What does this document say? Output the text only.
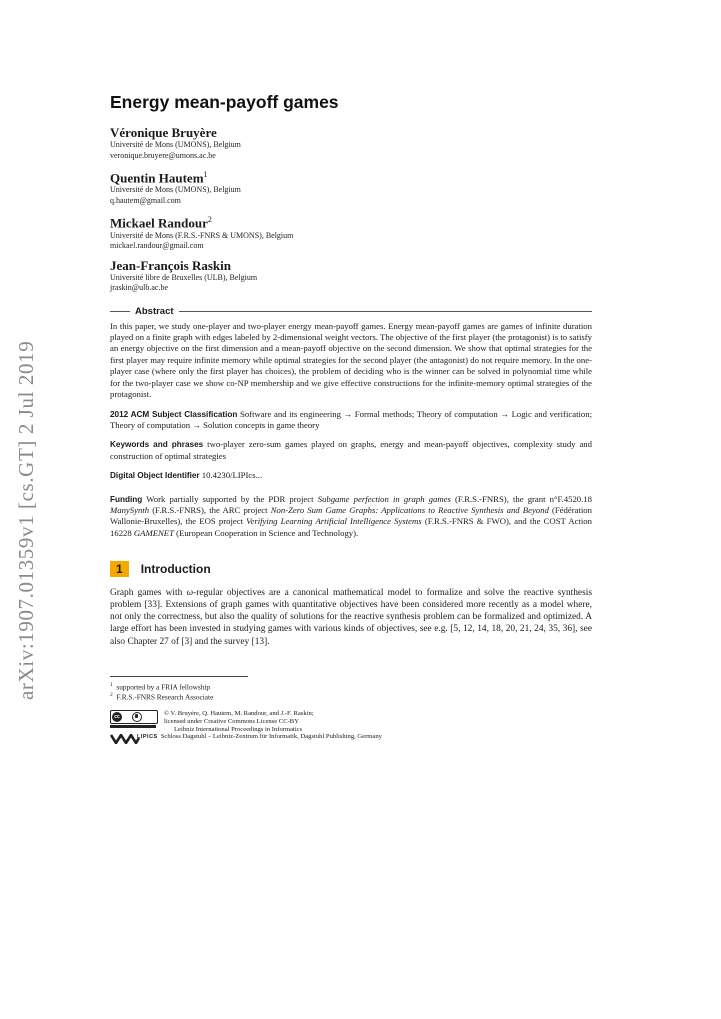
arXiv:1907.01359v1 [cs.GT] 2 Jul 2019
Energy mean-payoff games
Véronique Bruyère
Université de Mons (UMONS), Belgium
veronique.bruyere@umons.ac.be
Quentin Hautem$^1$
Université de Mons (UMONS), Belgium
q.hautem@gmail.com
Mickael Randour$^2$
Université de Mons (F.R.S.-FNRS & UMONS), Belgium
mickael.randour@gmail.com
Jean-François Raskin
Université libre de Bruxelles (ULB), Belgium
jraskin@ulb.ac.be
Abstract

In this paper, we study one-player and two-player energy mean-payoff games. Energy mean-payoff games are games of infinite duration played on a finite graph with edges labeled by 2-dimensional weight vectors. The objective of the first player (the protagonist) is to satisfy an energy objective on the first dimension and a mean-payoff objective on the second dimension. We show that optimal strategies for the first player may require infinite memory while optimal strategies for the second player (the antagonist) do not require memory. In the one-player case (where only the first player has choices), the problem of deciding who is the winner can be solved in polynomial time while for the two-player case we show co-NP membership and we give effective constructions for the infinite-memory optimal strategies of the protagonist.

2012 ACM Subject Classification Software and its engineering → Formal methods; Theory of computation → Logic and verification; Theory of computation → Solution concepts in game theory

Keywords and phrases two-player zero-sum games played on graphs, energy and mean-payoff objectives, complexity study and construction of optimal strategies

Digital Object Identifier 10.4230/LIPIcs...

Funding Work partially supported by the PDR project Subgame perfection in graph games (F.R.S.-FNRS), the grant n°F.4520.18 ManySynth (F.R.S.-FNRS), the ARC project Non-Zero Sum Game Graphs: Applications to Reactive Synthesis and Beyond (Fédération Wallonie-Bruxelles), the EOS project Verifying Learning Artificial Intelligence Systems (F.R.S.-FNRS & FWO), and the COST Action 16228 GAMENET (European Cooperation in Science and Technology).

1	Introduction

Graph games with ω-regular objectives are a canonical mathematical model to formalize and solve the reactive synthesis problem [33]. Extensions of graph games with quantitative objectives have been considered more recently as a model where, not only the correctness, but also the quality of solutions for the reactive synthesis problem can be formalized and optimized. A large effort has been invested in studying games with various kinds of objectives, see e.g. [5, 12, 14, 18, 20, 21, 24, 35, 36], see also Chapter 27 of [3] and the survey [13].

$^1$ supported by a FRIA fellowship
$^2$ F.R.S.-FNRS Research Associate
cc	© V. Bruyère, Q. Hautem, M. Randour, and J.-F. Raskin;
licensed under Creative Commons License CC-BY
Leibniz International Proceedings in Informatics
LIPICS Schloss Dagstuhl – Leibniz-Zentrum für Informatik, Dagstuhl Publishing, Germany
